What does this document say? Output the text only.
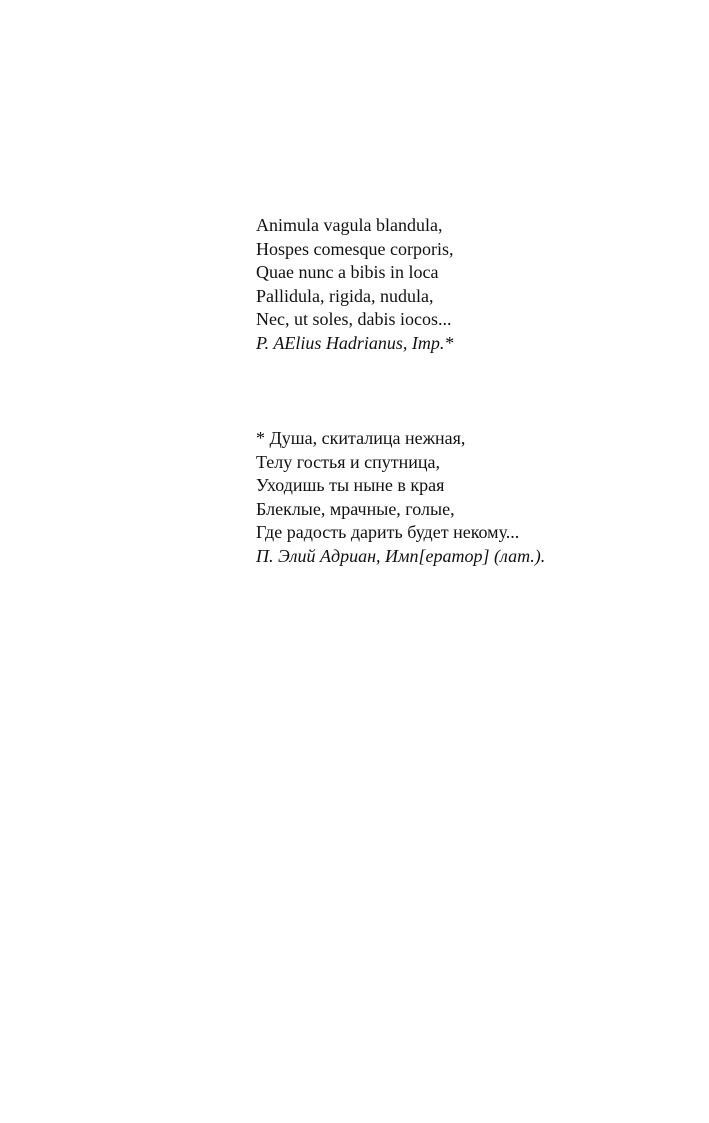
Animula vagula blandula,
Hospes comesque corporis,
Quae nunc a bibis in loca
Pallidula, rigida, nudula,
Nec, ut soles, dabis iocos...
P. AElius Hadrianus, Imp.*
* Душа, скиталица нежная,
Телу гостья и спутница,
Уходишь ты ныне в края
Блеклые, мрачные, голые,
Где радость дарить будет некому...
П. Элий Адриан, Имп[ератор] (лат.).
